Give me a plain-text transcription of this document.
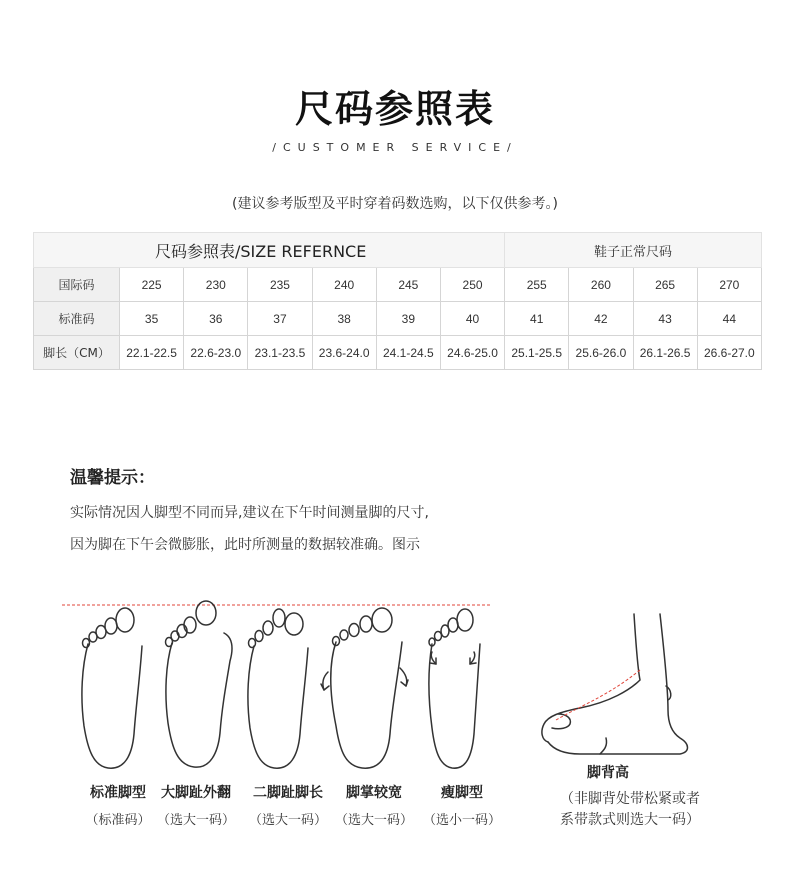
尺码参照表
/CUSTOMER SERVICE/
(建议参考版型及平时穿着码数选购，以下仅供参考。)
尺码参照表/SIZE REFERNCE							鞋子正常尺码			
国际码	225	230	235	240	245	250	255	260	265	270
标准码	35	36	37	38	39	40	41	42	43	44
脚长（CM）	22.1-22.5	22.6-23.0	23.1-23.5	23.6-24.0	24.1-24.5	24.6-25.0	25.1-25.5	25.6-26.0	26.1-26.5	26.6-27.0
温馨提示：
实际情况因人脚型不同而异,建议在下午时间测量脚的尺寸,
因为脚在下午会微膨胀，此时所测量的数据较准确。图示
标准脚型
（标准码）
大脚趾外翻
（选大一码）
二脚趾脚长
（选大一码）
脚掌较宽
（选大一码）
瘦脚型
（选小一码）
脚背高
（非脚背处带松紧或者
系带款式则选大一码）
